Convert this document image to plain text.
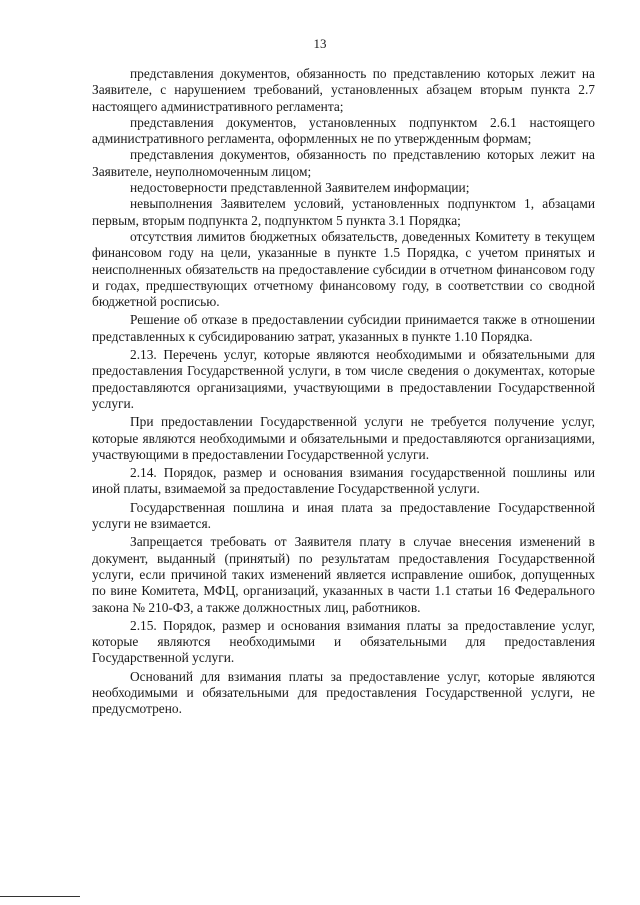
13

представления документов, обязанность по представлению которых лежит на Заявителе, с нарушением требований, установленных абзацем вторым пункта 2.7 настоящего административного регламента;

представления документов, установленных подпунктом 2.6.1 настоящего административного регламента, оформленных не по утвержденным формам;

представления документов, обязанность по представлению которых лежит на Заявителе, неуполномоченным лицом;

недостоверности представленной Заявителем информации;

невыполнения Заявителем условий, установленных подпунктом 1, абзацами первым, вторым подпункта 2, подпунктом 5 пункта 3.1 Порядка;

отсутствия лимитов бюджетных обязательств, доведенных Комитету в текущем финансовом году на цели, указанные в пункте 1.5 Порядка, с учетом принятых и неисполненных обязательств на предоставление субсидии в отчетном финансовом году и годах, предшествующих отчетному финансовому году, в соответствии со сводной бюджетной росписью.

Решение об отказе в предоставлении субсидии принимается также в отношении представленных к субсидированию затрат, указанных в пункте 1.10 Порядка.

2.13. Перечень услуг, которые являются необходимыми и обязательными для предоставления Государственной услуги, в том числе сведения о документах, которые предоставляются организациями, участвующими в предоставлении Государственной услуги.

При предоставлении Государственной услуги не требуется получение услуг, которые являются необходимыми и обязательными и предоставляются организациями, участвующими в предоставлении Государственной услуги.

2.14. Порядок, размер и основания взимания государственной пошлины или иной платы, взимаемой за предоставление Государственной услуги.

Государственная пошлина и иная плата за предоставление Государственной услуги не взимается.

Запрещается требовать от Заявителя плату в случае внесения изменений в документ, выданный (принятый) по результатам предоставления Государственной услуги, если причиной таких изменений является исправление ошибок, допущенных по вине Комитета, МФЦ, организаций, указанных в части 1.1 статьи 16 Федерального закона № 210-ФЗ, а также должностных лиц, работников.

2.15. Порядок, размер и основания взимания платы за предоставление услуг, которые являются необходимыми и обязательными для предоставления Государственной услуги.

Оснований для взимания платы за предоставление услуг, которые являются необходимыми и обязательными для предоставления Государственной услуги, не предусмотрено.
